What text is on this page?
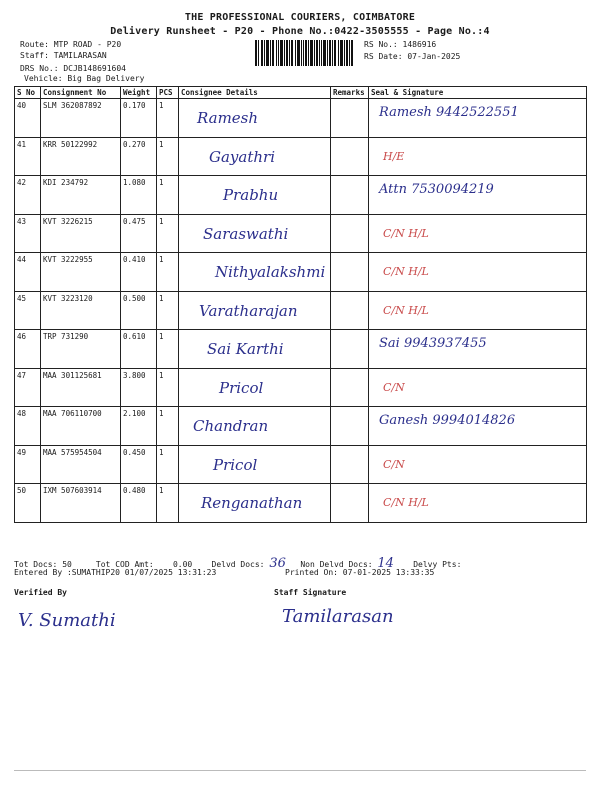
THE PROFESSIONAL COURIERS, COIMBATORE
Delivery Runsheet - P20 - Phone No.:0422-3505555 - Page No.:4
Route: MTP ROAD - P20
Staff: TAMILARASAN
DRS No.: DCJB148691604
Vehicle: Big Bag Delivery
RS No.: 1486916
RS Date: 07-Jan-2025
S No	Consignment No	Weight	PCS	Consignee Details	Remarks	Seal & Signature
40	SLM 362087892	0.170	1	Ramesh		Ramesh 9442522551

41	KRR 50122992	0.270	1	Gayathri		H/E

42	KDI 234792	1.080	1	Prabhu		Attn 7530094219

43	KVT 3226215	0.475	1	Saraswathi		C/N H/L

44	KVT 3222955	0.410	1	Nithyalakshmi		C/N H/L

45	KVT 3223120	0.500	1	Varatharajan		C/N H/L

46	TRP 731290	0.610	1	Sai Karthi		Sai 9943937455

47	MAA 301125681	3.800	1	Pricol		C/N

48	MAA 706110700	2.100	1	Chandran		Ganesh 9994014826

49	MAA 575954504	0.450	1	Pricol		C/N

50	IXM 507603914	0.480	1	Renganathan		C/N H/L
Tot Docs: 50	Tot COD Amt: 0.00 Delvd Docs: 36 Non Delvd Docs: 14 Delvy Pts:
Entered By :SUMATHIP20 01/07/2025 13:31:23	Printed On: 07-01-2025 13:33:35
Verified By	Staff Signature
V. Sumathi	Tamilarasan
